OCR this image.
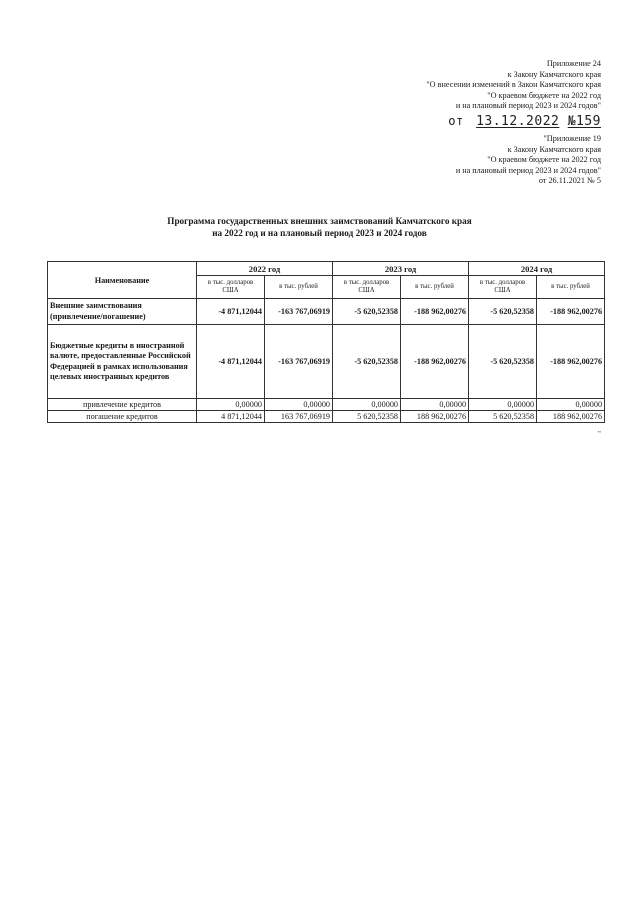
Приложение 24
к Закону Камчатского края
"О внесении изменений в Закон Камчатского края
"О краевом бюджете на 2022 год
и на плановый период 2023 и 2024 годов"
от 13.12.2022 №159
"Приложение 19
к Закону Камчатского края
"О краевом бюджете на 2022 год
и на плановый период 2023 и 2024 годов"
от 26.11.2021 № 5
Программа государственных внешних заимствований Камчатского края
на 2022 год и на плановый период 2023 и 2024 годов
Наименование	2022 год		2023 год		2024 год	
	в тыс. долларов США	в тыс. рублей	в тыс. долларов США	в тыс. рублей	в тыс. долларов США	в тыс. рублей
Внешние заимствования (привлечение/погашение)	-4 871,12044	-163 767,06919	-5 620,52358	-188 962,00276	-5 620,52358	-188 962,00276
Бюджетные кредиты в иностранной валюте, предоставленные Российской Федерацией в рамках использования целевых иностранных кредитов	-4 871,12044	-163 767,06919	-5 620,52358	-188 962,00276	-5 620,52358	-188 962,00276
привлечение кредитов	0,00000	0,00000	0,00000	0,00000	0,00000	0,00000
погашение кредитов	4 871,12044	163 767,06919	5 620,52358	188 962,00276	5 620,52358	188 962,00276
"
